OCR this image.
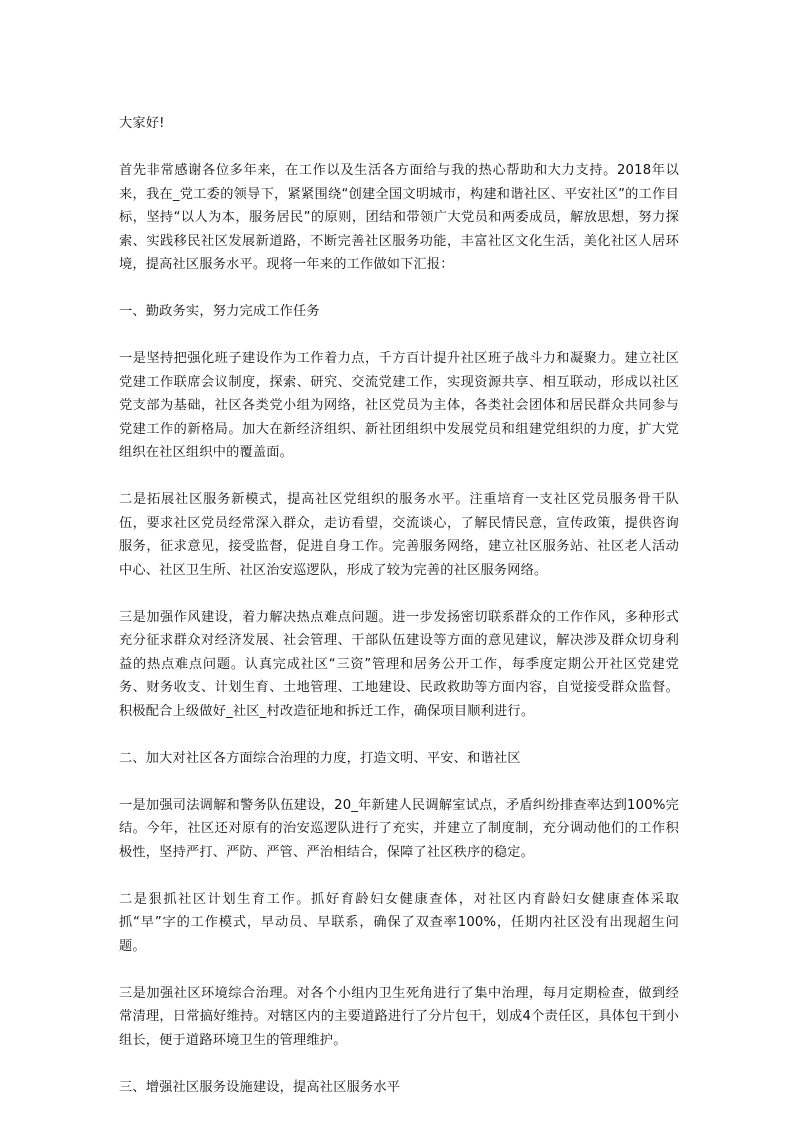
大家好!

首先非常感谢各位多年来，在工作以及生活各方面给与我的热心帮助和大力支持。2018年以来，我在_党工委的领导下，紧紧围绕“创建全国文明城市，构建和谐社区、平安社区”的工作目标，坚持“以人为本，服务居民”的原则，团结和带领广大党员和两委成员，解放思想，努力探索、实践移民社区发展新道路，不断完善社区服务功能，丰富社区文化生活，美化社区人居环境，提高社区服务水平。现将一年来的工作做如下汇报：

一、勤政务实，努力完成工作任务

一是坚持把强化班子建设作为工作着力点，千方百计提升社区班子战斗力和凝聚力。建立社区党建工作联席会议制度，探索、研究、交流党建工作，实现资源共享、相互联动，形成以社区党支部为基础，社区各类党小组为网络，社区党员为主体，各类社会团体和居民群众共同参与党建工作的新格局。加大在新经济组织、新社团组织中发展党员和组建党组织的力度，扩大党组织在社区组织中的覆盖面。

二是拓展社区服务新模式，提高社区党组织的服务水平。注重培育一支社区党员服务骨干队伍，要求社区党员经常深入群众，走访看望，交流谈心，了解民情民意，宣传政策，提供咨询服务，征求意见，接受监督，促进自身工作。完善服务网络，建立社区服务站、社区老人活动中心、社区卫生所、社区治安巡逻队，形成了较为完善的社区服务网络。

三是加强作风建设，着力解决热点难点问题。进一步发扬密切联系群众的工作作风，多种形式充分征求群众对经济发展、社会管理、干部队伍建设等方面的意见建议，解决涉及群众切身利益的热点难点问题。认真完成社区“三资”管理和居务公开工作，每季度定期公开社区党建党务、财务收支、计划生育、土地管理、工地建设、民政救助等方面内容，自觉接受群众监督。积极配合上级做好_社区_村改造征地和拆迁工作，确保项目顺利进行。

二、加大对社区各方面综合治理的力度，打造文明、平安、和谐社区

一是加强司法调解和警务队伍建设，20_年新建人民调解室试点，矛盾纠纷排查率达到100%完结。今年，社区还对原有的治安巡逻队进行了充实，并建立了制度制，充分调动他们的工作积极性，坚持严打、严防、严管、严治相结合，保障了社区秩序的稳定。

二是狠抓社区计划生育工作。抓好育龄妇女健康查体，对社区内育龄妇女健康查体采取抓“早”字的工作模式，早动员、早联系，确保了双查率100%，任期内社区没有出现超生问题。

三是加强社区环境综合治理。对各个小组内卫生死角进行了集中治理，每月定期检查，做到经常清理，日常搞好维持。对辖区内的主要道路进行了分片包干，划成4个责任区，具体包干到小组长，便于道路环境卫生的管理维护。

三、增强社区服务设施建设，提高社区服务水平
